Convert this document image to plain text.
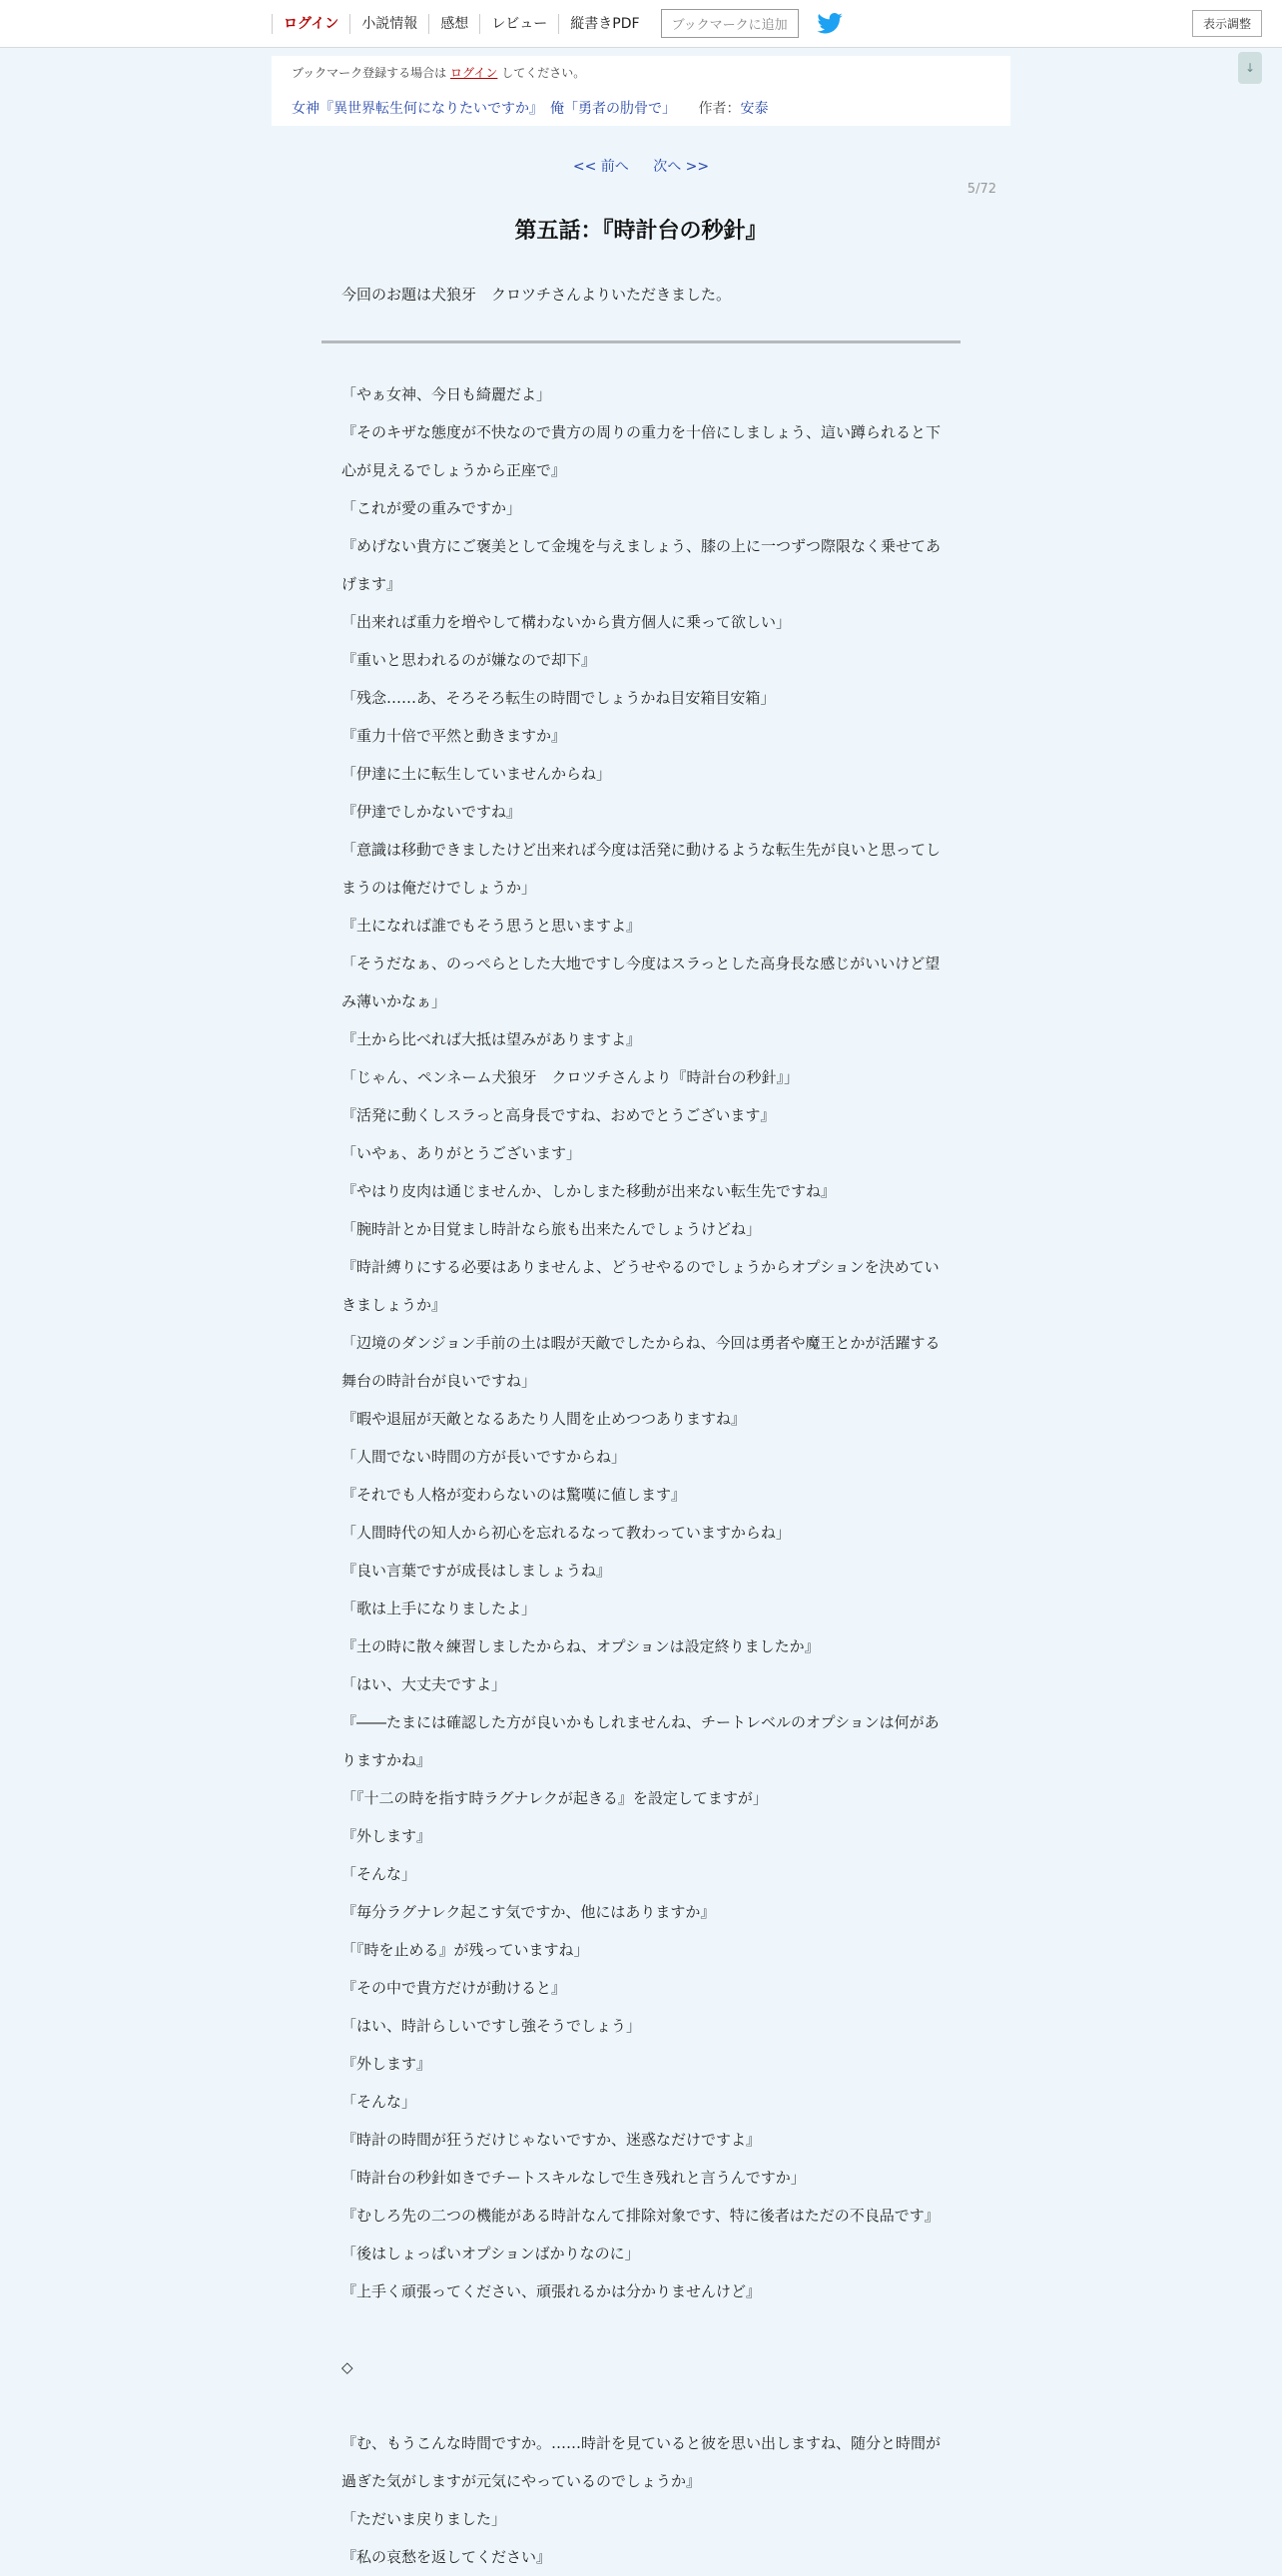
ログイン	小説情報	感想	レビュー	縦書きPDF	ブックマークに追加	表示調整
↓
ブックマーク登録する場合は ログイン してください。
女神『異世界転生何になりたいですか』　俺「勇者の肋骨で」 作者：安泰
<< 前へ 次へ >>
5/72
第五話：『時計台の秒針』
今回のお題は犬狼牙　クロツチさんよりいただきました。

「やぁ女神、今日も綺麗だよ」

『そのキザな態度が不快なので貴方の周りの重力を十倍にしましょう、這い蹲られると下

心が見えるでしょうから正座で』

「これが愛の重みですか」

『めげない貴方にご褒美として金塊を与えましょう、膝の上に一つずつ際限なく乗せてあ

げます』

「出来れば重力を増やして構わないから貴方個人に乗って欲しい」

『重いと思われるのが嫌なので却下』

「残念……あ、そろそろ転生の時間でしょうかね目安箱目安箱」

『重力十倍で平然と動きますか』

「伊達に土に転生していませんからね」

『伊達でしかないですね』

「意識は移動できましたけど出来れば今度は活発に動けるような転生先が良いと思ってし

まうのは俺だけでしょうか」

『土になれば誰でもそう思うと思いますよ』

「そうだなぁ、のっぺらとした大地ですし今度はスラっとした高身長な感じがいいけど望

み薄いかなぁ」

『土から比べれば大抵は望みがありますよ』

「じゃん、ペンネーム犬狼牙　クロツチさんより『時計台の秒針』」

『活発に動くしスラっと高身長ですね、おめでとうございます』

「いやぁ、ありがとうございます」

『やはり皮肉は通じませんか、しかしまた移動が出来ない転生先ですね』

「腕時計とか目覚まし時計なら旅も出来たんでしょうけどね」

『時計縛りにする必要はありませんよ、どうせやるのでしょうからオプションを決めてい

きましょうか』

「辺境のダンジョン手前の土は暇が天敵でしたからね、今回は勇者や魔王とかが活躍する

舞台の時計台が良いですね」

『暇や退屈が天敵となるあたり人間を止めつつありますね』

「人間でない時間の方が長いですからね」

『それでも人格が変わらないのは驚嘆に値します』

「人間時代の知人から初心を忘れるなって教わっていますからね」

『良い言葉ですが成長はしましょうね』

「歌は上手になりましたよ」

『土の時に散々練習しましたからね、オプションは設定終りましたか』

「はい、大丈夫ですよ」

『――たまには確認した方が良いかもしれませんね、チートレベルのオプションは何があ

りますかね』

「『十二の時を指す時ラグナレクが起きる』を設定してますが」

『外します』

「そんな」

『毎分ラグナレク起こす気ですか、他にはありますか』

「『時を止める』が残っていますね」

『その中で貴方だけが動けると』

「はい、時計らしいですし強そうでしょう」

『外します』

「そんな」

『時計の時間が狂うだけじゃないですか、迷惑なだけですよ』

「時計台の秒針如きでチートスキルなしで生き残れと言うんですか」

『むしろ先の二つの機能がある時計なんて排除対象です、特に後者はただの不良品です』

「後はしょっぱいオプションばかりなのに」

『上手く頑張ってください、頑張れるかは分かりませんけど』

◇

『む、もうこんな時間ですか。……時計を見ていると彼を思い出しますね、随分と時間が

過ぎた気がしますが元気にやっているのでしょうか』

「ただいま戻りました」

『私の哀愁を返してください』
